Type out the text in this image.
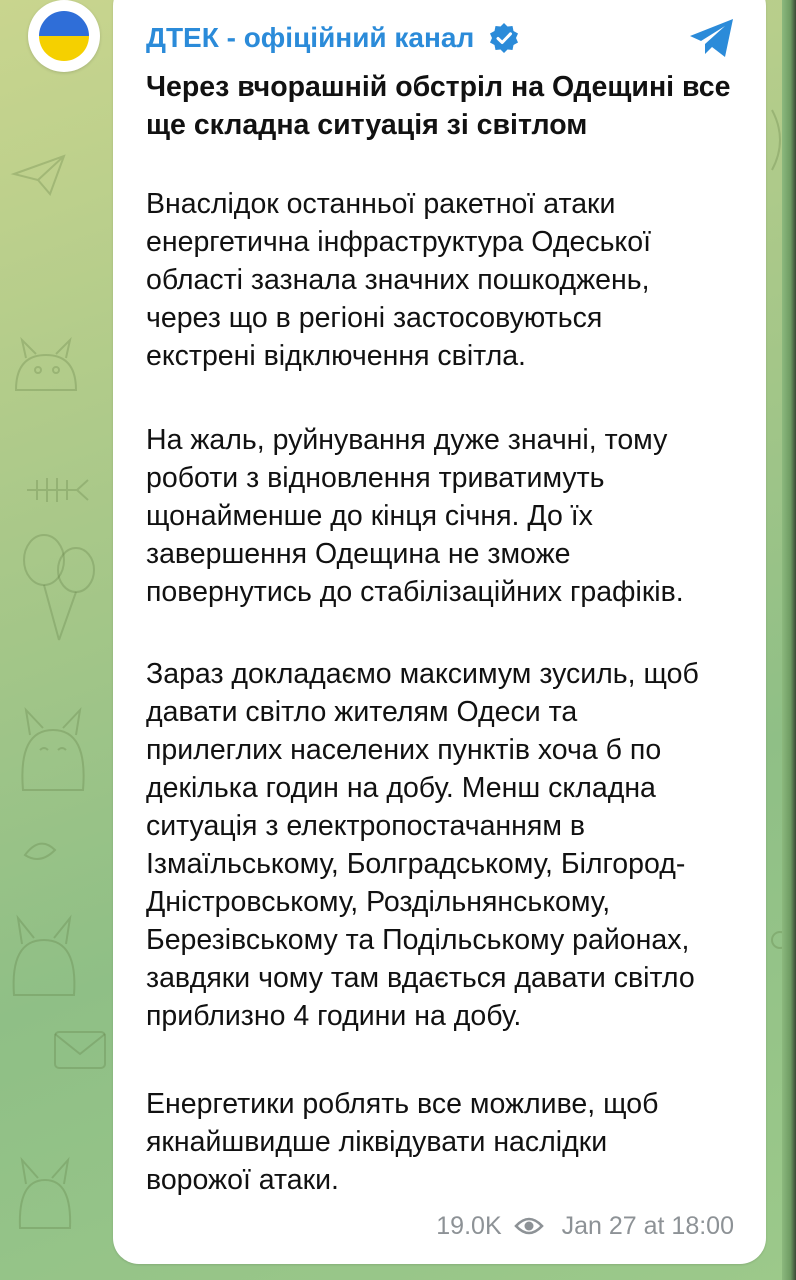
ДТЕК - офіційний канал
Через вчорашній обстріл на Одещині все
ще складна ситуація зі світлом

Внаслідок останньої ракетної атаки
енергетична інфраструктура Одеської
області зазнала значних пошкоджень,
через що в регіоні застосовуються
екстрені відключення світла.

На жаль, руйнування дуже значні, тому
роботи з відновлення триватимуть
щонайменше до кінця січня. До їх
завершення Одещина не зможе
повернутись до стабілізаційних графіків.

Зараз докладаємо максимум зусиль, щоб
давати світло жителям Одеси та
прилеглих населених пунктів хоча б по
декілька годин на добу. Менш складна
ситуація з електропостачанням в
Ізмаїльському, Болградському, Білгород-
Дністровському, Роздільнянському,
Березівському та Подільському районах,
завдяки чому там вдається давати світло
приблизно 4 години на добу.

Енергетики роблять все можливе, щоб
якнайшвидше ліквідувати наслідки
ворожої атаки.

19.0K Jan 27 at 18:00
